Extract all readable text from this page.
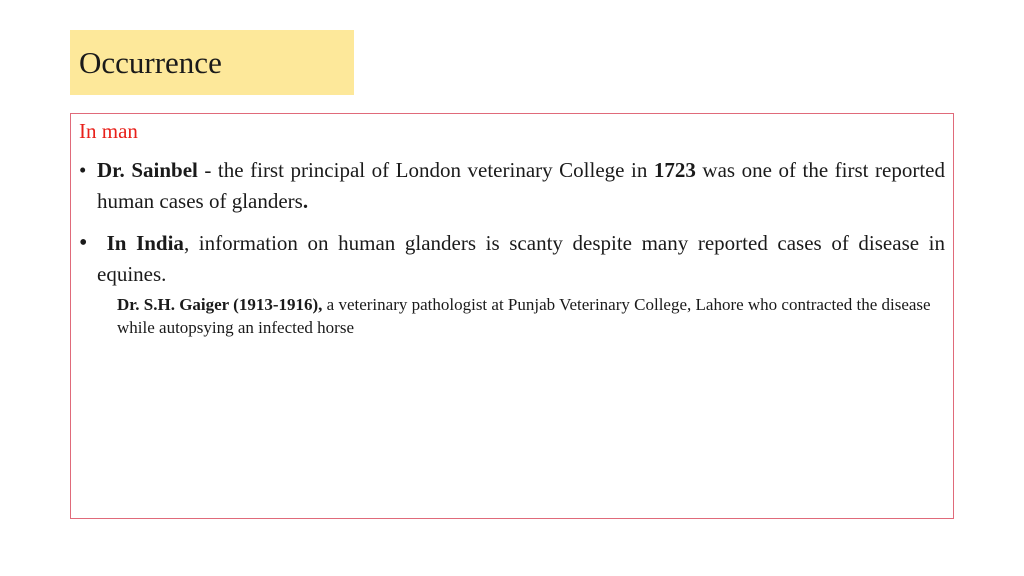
Occurrence
In man
• Dr. Sainbel - the first principal of London veterinary College in 1723 was one of the first reported human cases of glanders.
• In India, information on human glanders is scanty despite many reported cases of disease in equines.
Dr. S.H. Gaiger (1913-1916), a veterinary pathologist at Punjab Veterinary College, Lahore who contracted the disease while autopsying an infected horse
